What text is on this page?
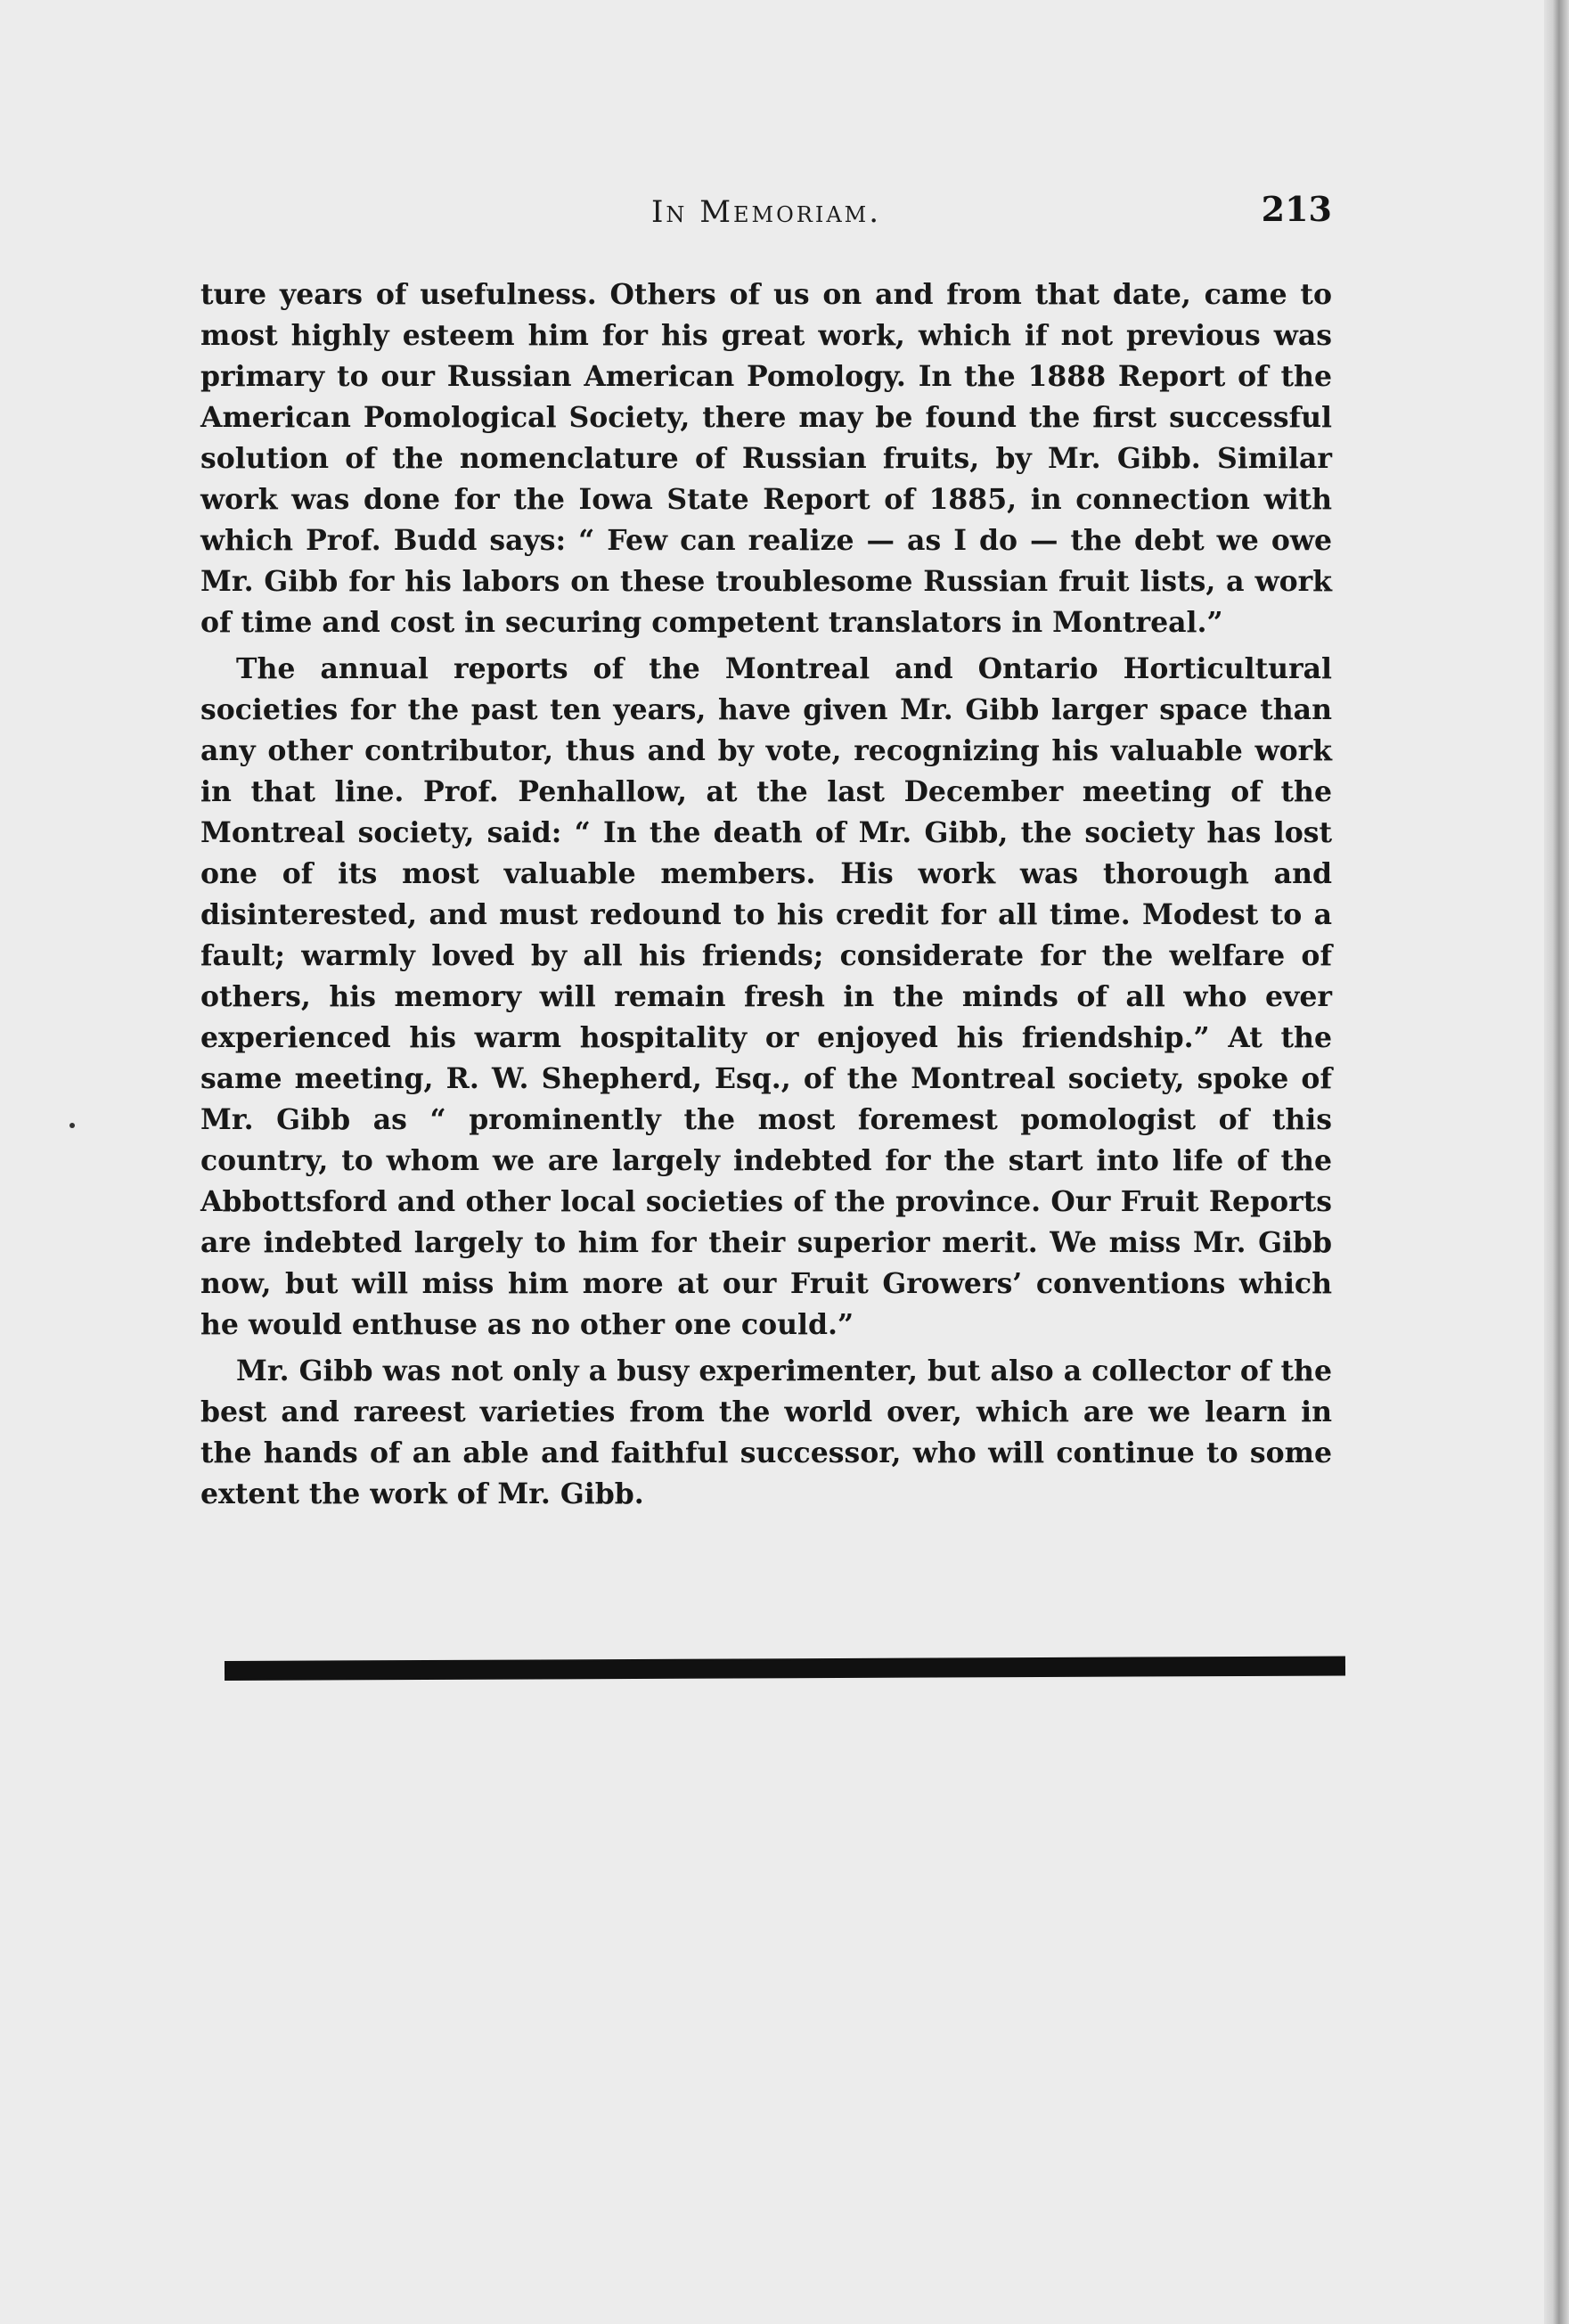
In Memoriam.	213

ture years of usefulness. Others of us on and from that date, came to most highly esteem him for his great work, which if not previous was primary to our Russian American Pomology. In the 1888 Report of the American Pomological Society, there may be found the first successful solution of the nomenclature of Russian fruits, by Mr. Gibb. Similar work was done for the Iowa State Report of 1885, in connection with which Prof. Budd says: “ Few can realize — as I do — the debt we owe Mr. Gibb for his labors on these troublesome Russian fruit lists, a work of time and cost in securing competent translators in Montreal.”

The annual reports of the Montreal and Ontario Horticultural societies for the past ten years, have given Mr. Gibb larger space than any other contributor, thus and by vote, recognizing his valuable work in that line. Prof. Penhallow, at the last December meeting of the Montreal society, said: “ In the death of Mr. Gibb, the society has lost one of its most valuable members. His work was thorough and disinterested, and must redound to his credit for all time. Modest to a fault; warmly loved by all his friends; considerate for the welfare of others, his memory will remain fresh in the minds of all who ever experienced his warm hospitality or enjoyed his friendship.” At the same meeting, R. W. Shepherd, Esq., of the Montreal society, spoke of Mr. Gibb as “ prominently the most foremest pomologist of this country, to whom we are largely indebted for the start into life of the Abbottsford and other local societies of the province. Our Fruit Reports are indebted largely to him for their superior merit. We miss Mr. Gibb now, but will miss him more at our Fruit Growers’ conventions which he would enthuse as no other one could.”

Mr. Gibb was not only a busy experimenter, but also a collector of the best and rareest varieties from the world over, which are we learn in the hands of an able and faithful successor, who will continue to some extent the work of Mr. Gibb.
